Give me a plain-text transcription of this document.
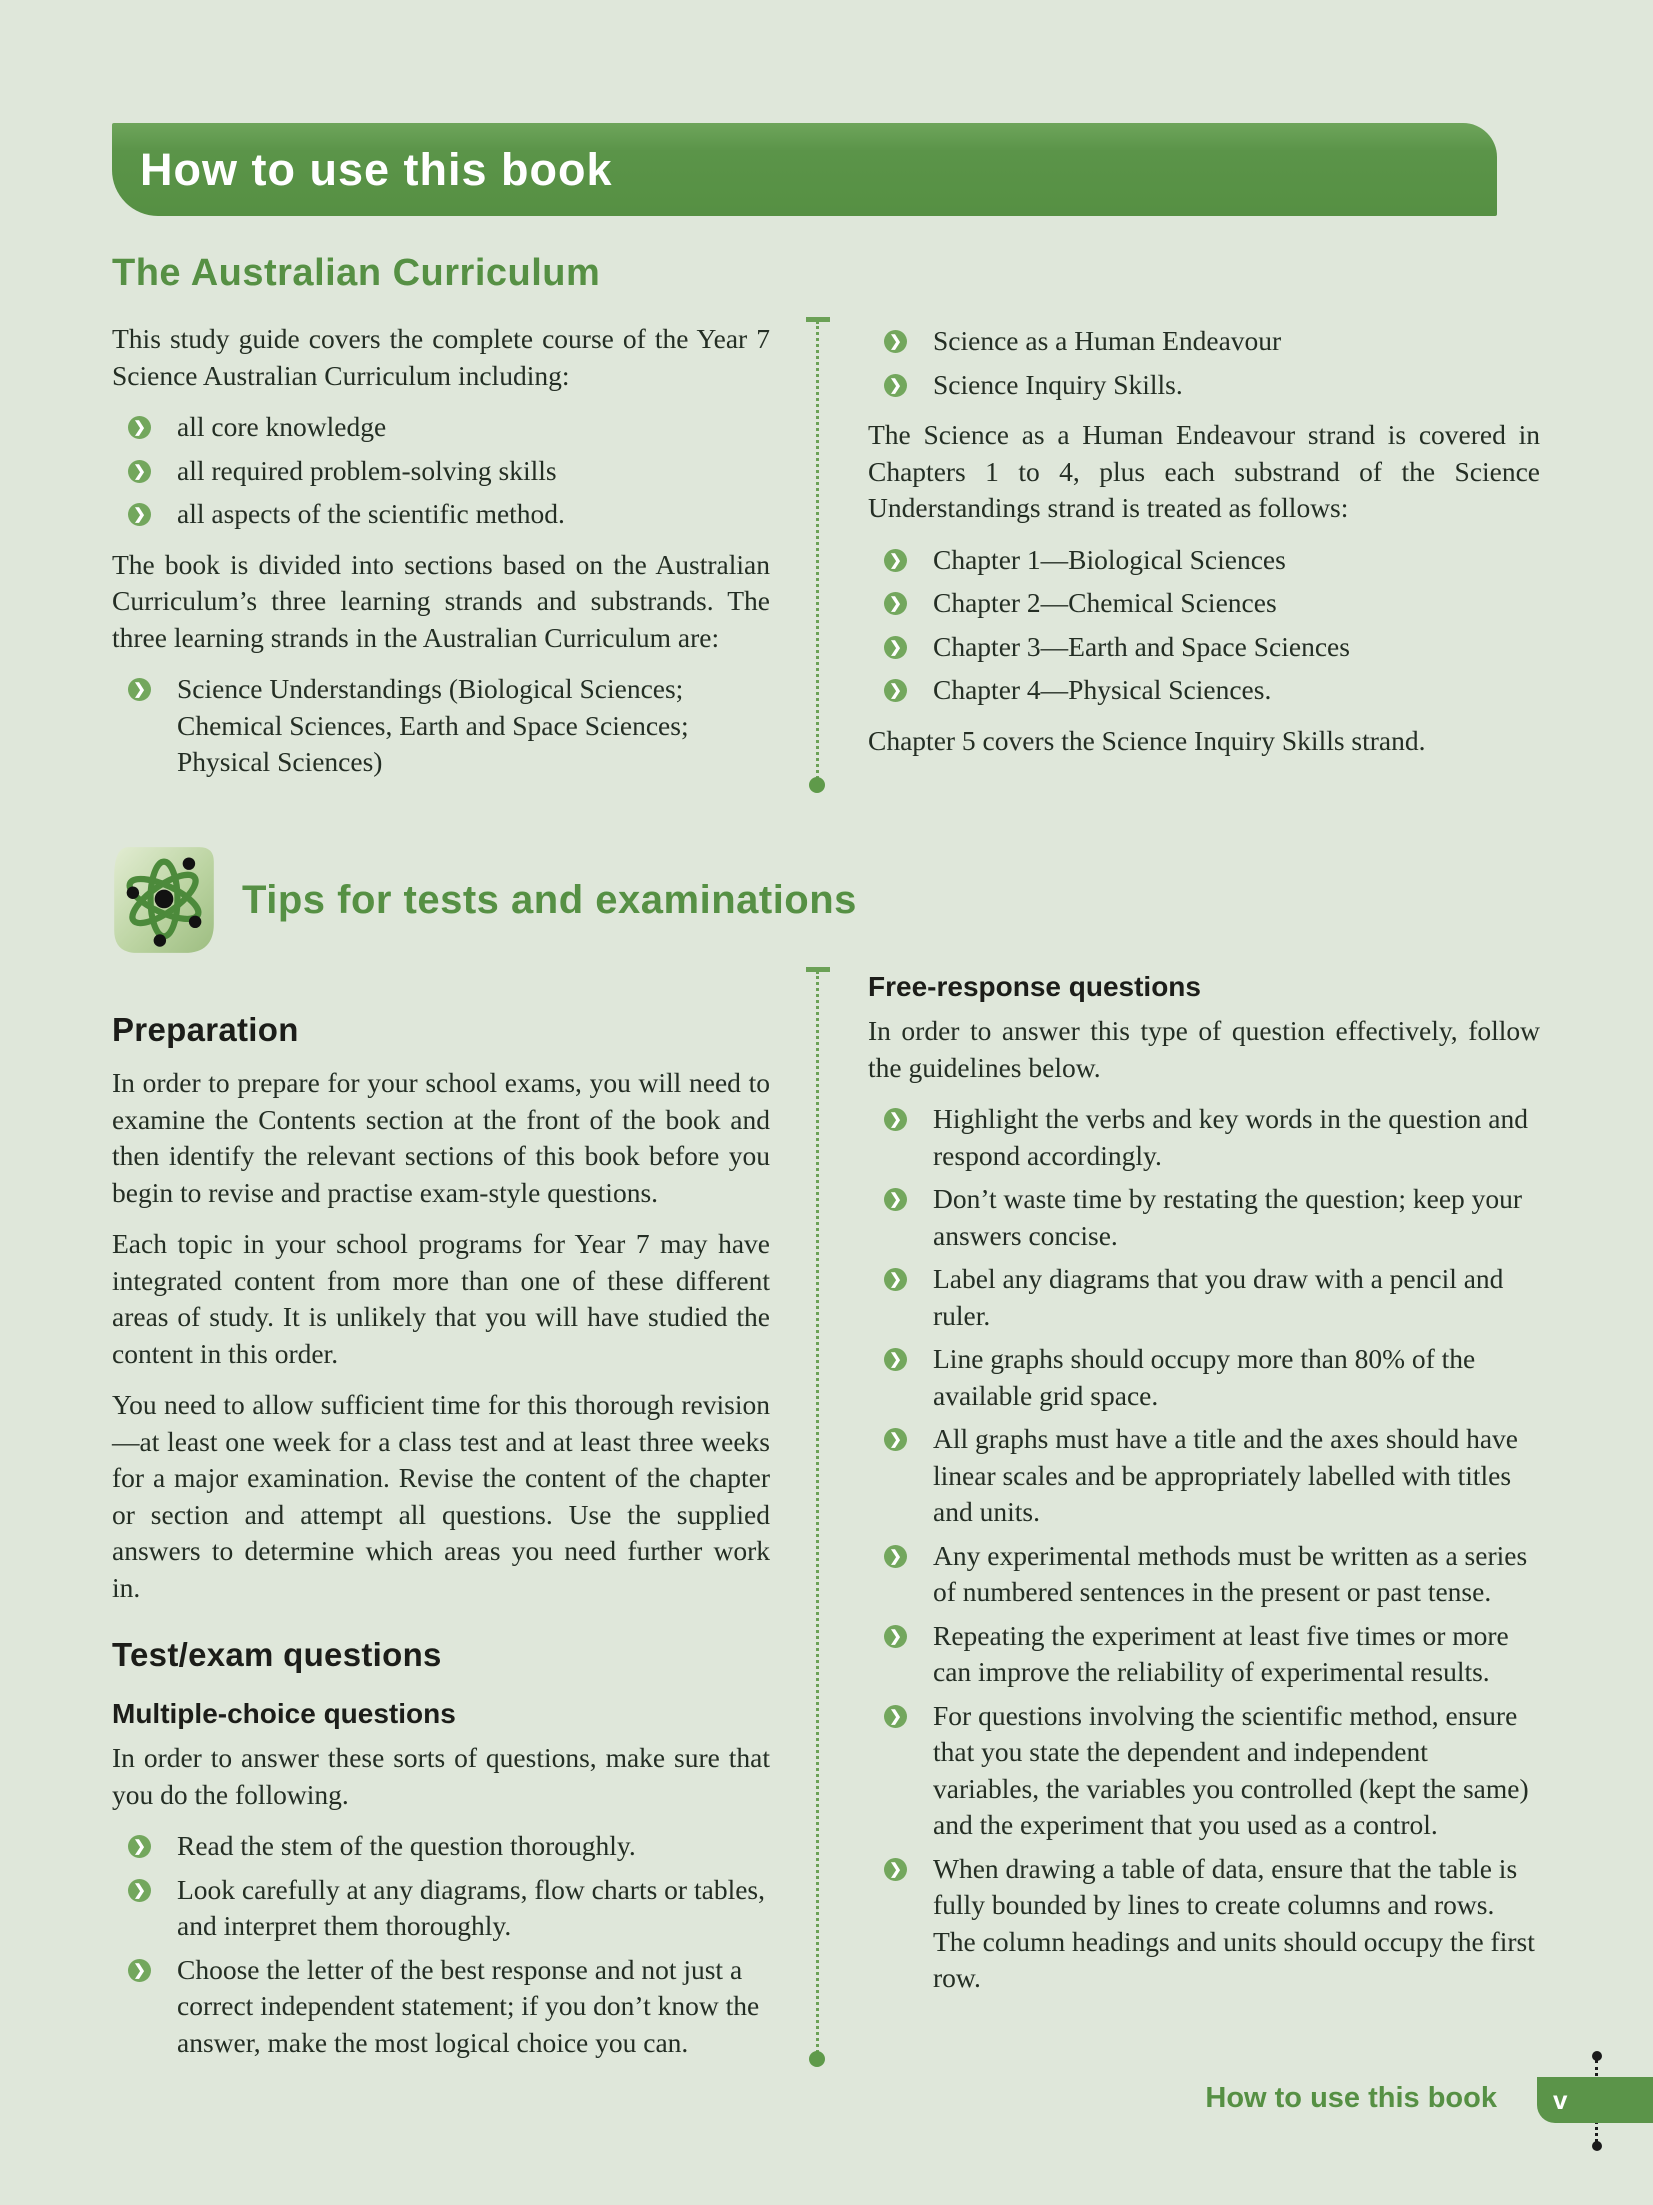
How to use this book
The Australian Curriculum

This study guide covers the complete course of the Year 7 Science Australian Curriculum including:

❯ all core knowledge
❯ all required problem-solving skills
❯ all aspects of the scientific method.

The book is divided into sections based on the Australian Curriculum’s three learning strands and substrands. The three learning strands in the Australian Curriculum are:

❯ Science Understandings (Biological Sciences; Chemical Sciences, Earth and Space Sciences; Physical Sciences)
❯ Science as a Human Endeavour
❯ Science Inquiry Skills.

The Science as a Human Endeavour strand is covered in Chapters 1 to 4, plus each substrand of the Science Understandings strand is treated as follows:

❯ Chapter 1—Biological Sciences
❯ Chapter 2—Chemical Sciences
❯ Chapter 3—Earth and Space Sciences
❯ Chapter 4—Physical Sciences.

Chapter 5 covers the Science Inquiry Skills strand.

Tips for tests and examinations
Preparation

In order to prepare for your school exams, you will need to examine the Contents section at the front of the book and then identify the relevant sections of this book before you begin to revise and practise exam-style questions.

Each topic in your school programs for Year 7 may have integrated content from more than one of these different areas of study. It is unlikely that you will have studied the content in this order.

You need to allow sufficient time for this thorough revision—at least one week for a class test and at least three weeks for a major examination. Revise the content of the chapter or section and attempt all questions. Use the supplied answers to determine which areas you need further work in.

Test/exam questions
Multiple-choice questions

In order to answer these sorts of questions, make sure that you do the following.

❯ Read the stem of the question thoroughly.
❯ Look carefully at any diagrams, flow charts or tables, and interpret them thoroughly.
❯ Choose the letter of the best response and not just a correct independent statement; if you don’t know the answer, make the most logical choice you can.
Free-response questions

In order to answer this type of question effectively, follow the guidelines below.

❯ Highlight the verbs and key words in the question and respond accordingly.
❯ Don’t waste time by restating the question; keep your answers concise.
❯ Label any diagrams that you draw with a pencil and ruler.
❯ Line graphs should occupy more than 80% of the available grid space.
❯ All graphs must have a title and the axes should have linear scales and be appropriately labelled with titles and units.
❯ Any experimental methods must be written as a series of numbered sentences in the present or past tense.
❯ Repeating the experiment at least five times or more can improve the reliability of experimental results.
❯ For questions involving the scientific method, ensure that you state the dependent and independent variables, the variables you controlled (kept the same) and the experiment that you used as a control.
❯ When drawing a table of data, ensure that the table is fully bounded by lines to create columns and rows. The column headings and units should occupy the first row.
How to use this book v
